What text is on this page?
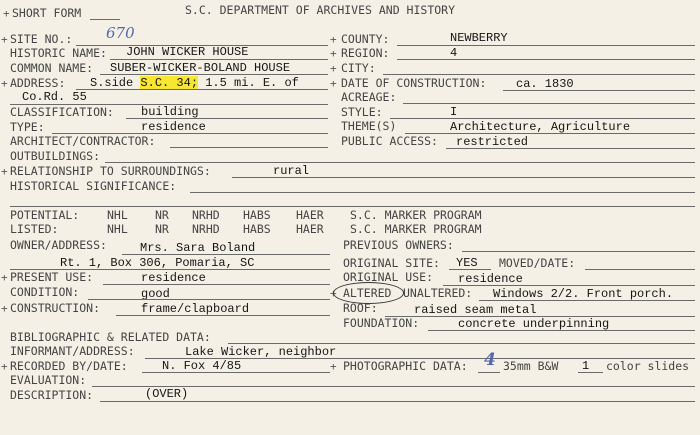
+ SHORT FORM	S.C. DEPARTMENT OF ARCHIVES AND HISTORY
+ SITE NO.: 670
HISTORIC NAME: JOHN WICKER HOUSE
COMMON NAME: SUBER-WICKER-BOLAND HOUSE
+ ADDRESS: S.side S.C. 34; 1.5 mi. E. of
Co.Rd. 55
CLASSIFICATION: building
TYPE:	residence
ARCHITECT/CONTRACTOR:
OUTBUILDINGS:
+ RELATIONSHIP TO SURROUNDINGS:	rural
HISTORICAL SIGNIFICANCE:
+ COUNTY:	NEWBERRY
+ REGION:	4
+ CITY:
+ DATE OF CONSTRUCTION: ca. 1830
ACREAGE:
STYLE:	I
THEME(S)	Architecture, Agriculture
PUBLIC ACCESS: restricted
POTENTIAL: NHL NR NRHD HABS HAER S.C. MARKER PROGRAM
LISTED:	NHL NR NRHD HABS HAER S.C. MARKER PROGRAM
OWNER/ADDRESS:	Mrs. Sara Boland
Rt. 1, Box 306, Pomaria, SC
PREVIOUS OWNERS:
ORIGINAL SITE: YES MOVED/DATE:
+ PRESENT USE:	residence	ORIGINAL USE: residence
CONDITION:	good	+ ALTERED UNALTERED: Windows 2/2. Front porch.
+ CONSTRUCTION:	frame/clapboard	ROOF:	raised seam metal
FOUNDATION:	concrete underpinning
BIBLIOGRAPHIC & RELATED DATA:
INFORMANT/ADDRESS:	Lake Wicker, neighbor
+ RECORDED BY/DATE:	N. Fox 4/85	+ PHOTOGRAPHIC DATA: 4 35mm B&W 1 color slides
EVALUATION:
DESCRIPTION:	(OVER)
